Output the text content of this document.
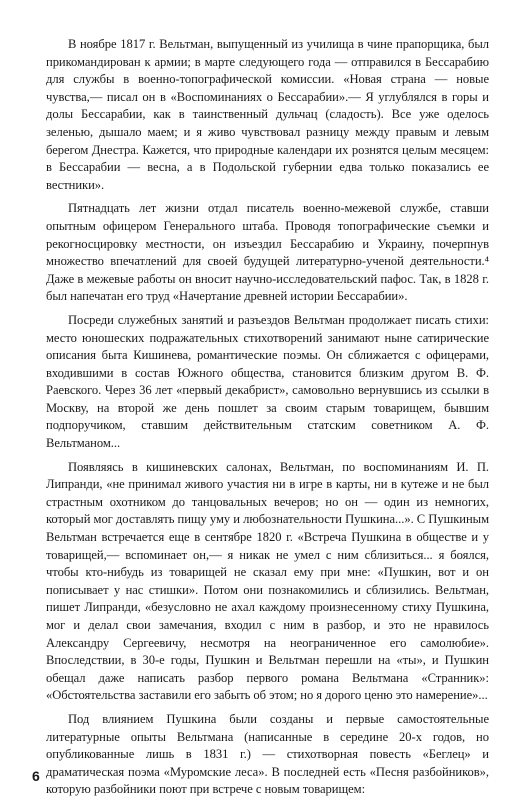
В ноябре 1817 г. Вельтман, выпущенный из училища в чине прапорщика, был прикомандирован к армии; в марте следующего года — отправился в Бессарабию для службы в военно-топографической комиссии. «Новая страна — новые чувства,— писал он в «Воспоминаниях о Бессарабии».— Я углублялся в горы и долы Бессарабии, как в таинственный дульчац (сладость). Все уже оделось зеленью, дышало маем; и я живо чувствовал разницу между правым и левым берегом Днестра. Кажется, что природные календари их рознятся целым месяцем: в Бессарабии — весна, а в Подольской губернии едва только показались ее вестники».

Пятнадцать лет жизни отдал писатель военно-межевой службе, ставши опытным офицером Генерального штаба. Проводя топографические съемки и рекогносцировку местности, он изъездил Бессарабию и Украину, почерпнув множество впечатлений для своей будущей литературно-ученой деятельности.⁴ Даже в межевые работы он вносит научно-исследовательский пафос. Так, в 1828 г. был напечатан его труд «Начертание древней истории Бессарабии».

Посреди служебных занятий и разъездов Вельтман продолжает писать стихи: место юношеских подражательных стихотворений занимают ныне сатирические описания быта Кишинева, романтические поэмы. Он сближается с офицерами, входившими в состав Южного общества, становится близким другом В. Ф. Раевского. Через 36 лет «первый декабрист», самовольно вернувшись из ссылки в Москву, на второй же день пошлет за своим старым товарищем, бывшим подпоручиком, ставшим действительным статским советником А. Ф. Вельтманом...

Появляясь в кишиневских салонах, Вельтман, по воспоминаниям И. П. Липранди, «не принимал живого участия ни в игре в карты, ни в кутеже и не был страстным охотником до танцовальных вечеров; но он — один из немногих, который мог доставлять пищу уму и любознательности Пушкина...». С Пушкиным Вельтман встречается еще в сентябре 1820 г. «Встреча Пушкина в обществе и у товарищей,— вспоминает он,— я никак не умел с ним сблизиться... я боялся, чтобы кто-нибудь из товарищей не сказал ему при мне: «Пушкин, вот и он пописывает у нас стишки». Потом они познакомились и сблизились. Вельтман, пишет Липранди, «безусловно не ахал каждому произнесенному стиху Пушкина, мог и делал свои замечания, входил с ним в разбор, и это не нравилось Александру Сергеевичу, несмотря на неограниченное его самолюбие». Впоследствии, в 30-е годы, Пушкин и Вельтман перешли на «ты», и Пушкин обещал даже написать разбор первого романа Вельтмана «Странник»: «Обстоятельства заставили его забыть об этом; но я дорого ценю это намерение»...

Под влиянием Пушкина были созданы и первые самостоятельные литературные опыты Вельтмана (написанные в середине 20-х годов, но опубликованные лишь в 1831 г.) — стихотворная повесть «Беглец» и драматическая поэма «Муромские леса». В последней есть «Песня разбойников», которую разбойники поют при встрече с новым товарищем:

6
